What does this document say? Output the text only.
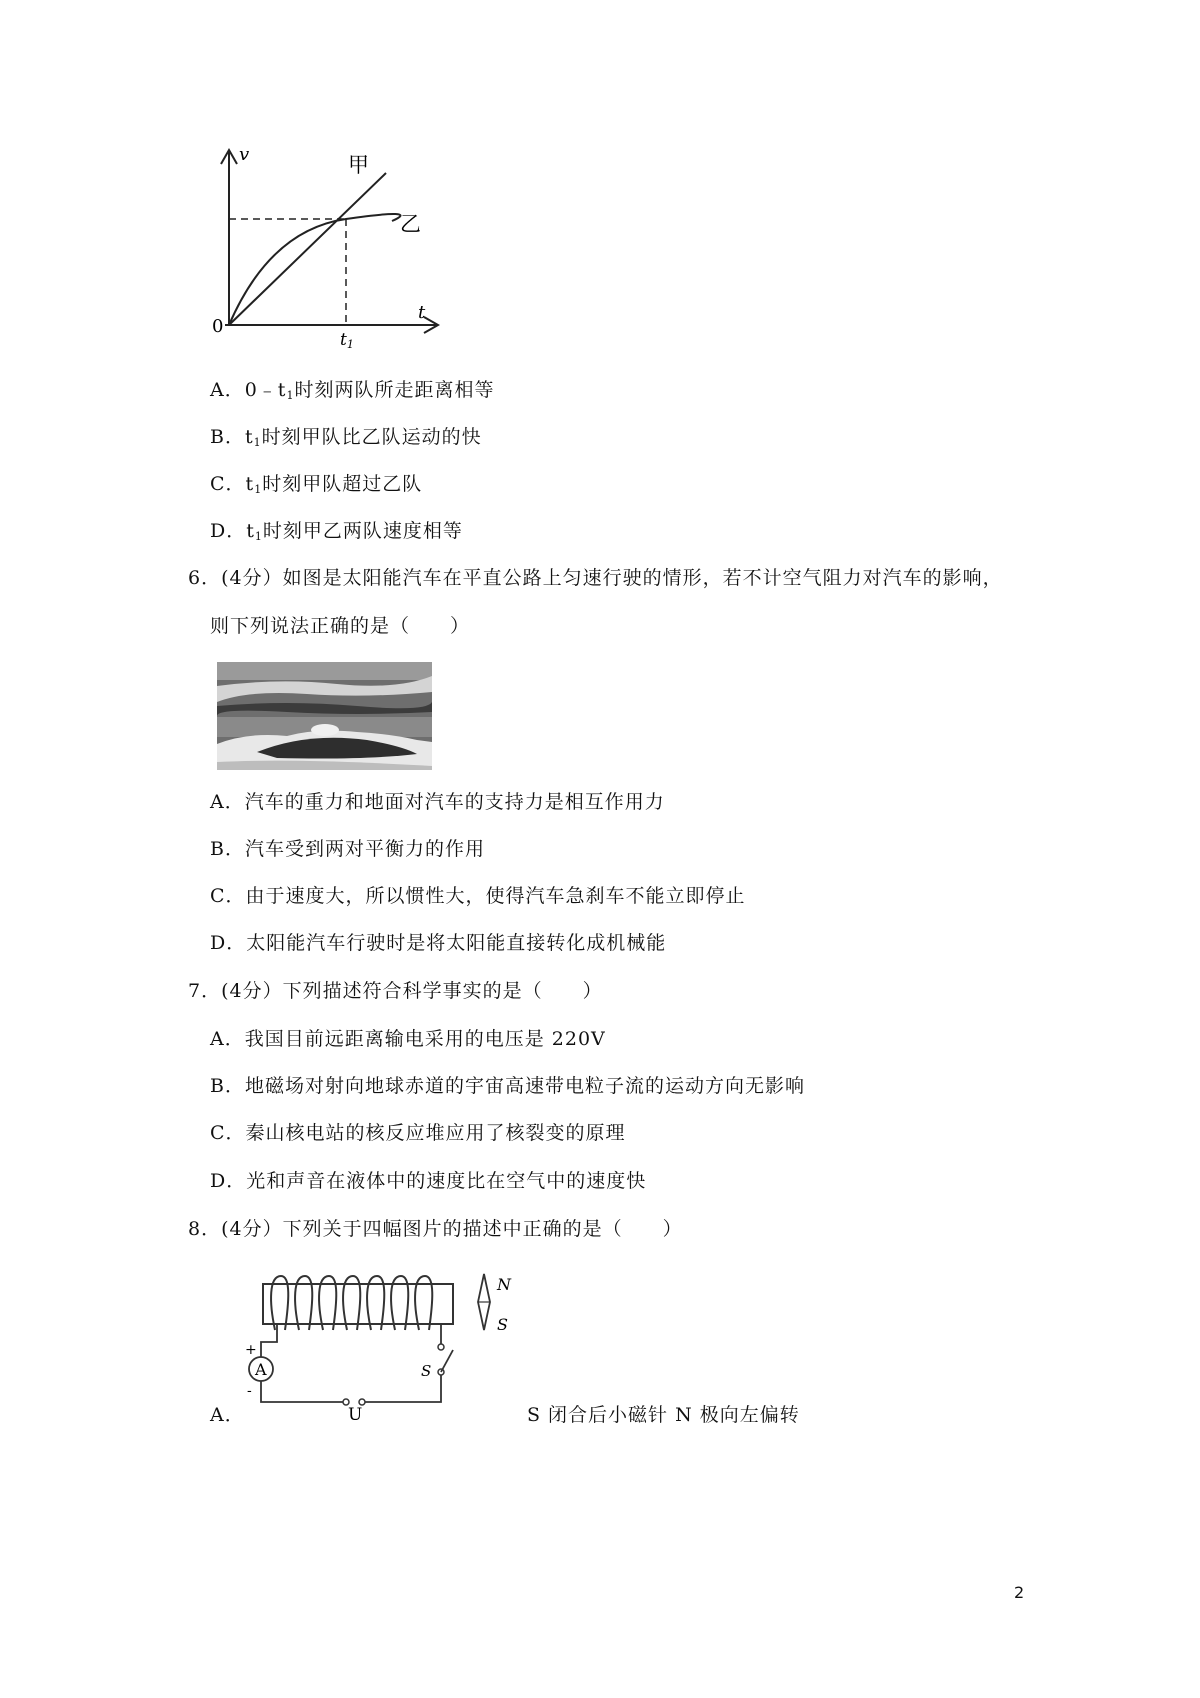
v
t
0
t1
甲
乙
A．$0﹣t_1$时刻两队所走距离相等
B．$t_1$时刻甲队比乙队运动的快
C．$t_1$时刻甲队超过乙队
D．$t_1$时刻甲乙两队速度相等
6．(4分）如图是太阳能汽车在平直公路上匀速行驶的情形，若不计空气阻力对汽车的影响，
则下列说法正确的是（　　）
A．汽车的重力和地面对汽车的支持力是相互作用力
B．汽车受到两对平衡力的作用
C．由于速度大，所以惯性大，使得汽车急刹车不能立即停止
D．太阳能汽车行驶时是将太阳能直接转化成机械能
7．(4分）下列描述符合科学事实的是（　　）
A．我国目前远距离输电采用的电压是 220V
B．地磁场对射向地球赤道的宇宙高速带电粒子流的运动方向无影响
C．秦山核电站的核反应堆应用了核裂变的原理
D．光和声音在液体中的速度比在空气中的速度快
8．(4分）下列关于四幅图片的描述中正确的是（　　）
A
+
-
U
S
N
S
A．	S 闭合后小磁针 N 极向左偏转
2
